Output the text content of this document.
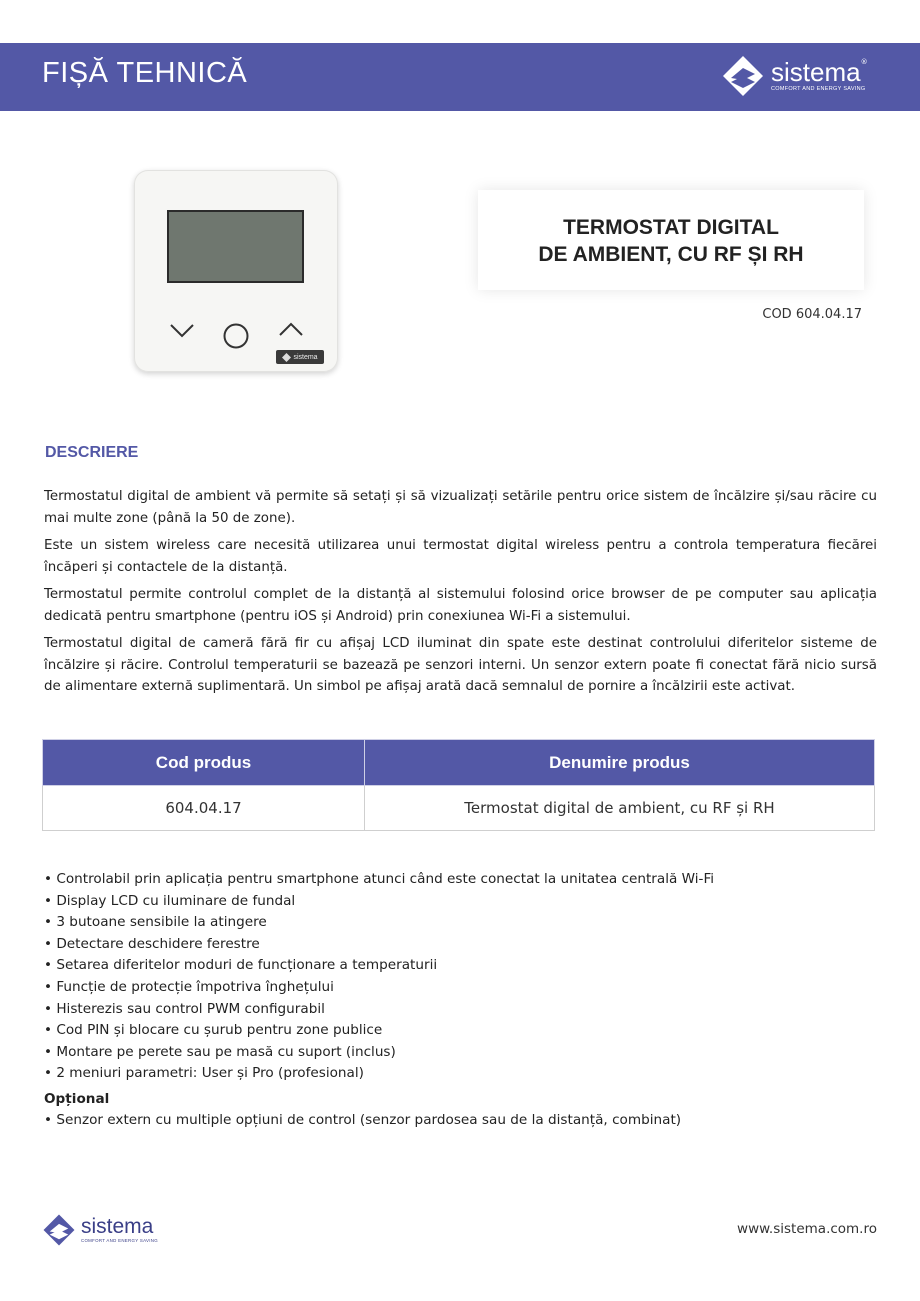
FIȘĂ TEHNICĂ	sistema®
COMFORT AND ENERGY SAVING
sistema
TERMOSTAT DIGITAL
DE AMBIENT, CU RF ȘI RH
COD 604.04.17
DESCRIERE

Termostatul digital de ambient vă permite să setați și să vizualizați setările pentru orice sistem de încălzire și/sau răcire cu mai multe zone (până la 50 de zone).

Este un sistem wireless care necesită utilizarea unui termostat digital wireless pentru a controla temperatura fiecărei încăperi și contactele de la distanță.

Termostatul permite controlul complet de la distanță al sistemului folosind orice browser de pe computer sau aplicația dedicată pentru smartphone (pentru iOS și Android) prin conexiunea Wi-Fi a sistemului.

Termostatul digital de cameră fără fir cu afișaj LCD iluminat din spate este destinat controlului diferitelor sisteme de încălzire și răcire. Controlul temperaturii se bazează pe senzori interni. Un senzor extern poate fi conectat fără nicio sursă de alimentare externă suplimentară. Un simbol pe afișaj arată dacă semnalul de pornire a încălzirii este activat.

Cod produs	Denumire produs
604.04.17	Termostat digital de ambient, cu RF și RH
• Controlabil prin aplicația pentru smartphone atunci când este conectat la unitatea centrală Wi-Fi
• Display LCD cu iluminare de fundal
• 3 butoane sensibile la atingere
• Detectare deschidere ferestre
• Setarea diferitelor moduri de funcționare a temperaturii
• Funcție de protecție împotriva înghețului
• Histerezis sau control PWM configurabil
• Cod PIN și blocare cu șurub pentru zone publice
• Montare pe perete sau pe masă cu suport (inclus)
• 2 meniuri parametri: User și Pro (profesional)
Opțional
• Senzor extern cu multiple opțiuni de control (senzor pardosea sau de la distanță, combinat)
sistema
COMFORT AND ENERGY SAVING
www.sistema.com.ro
